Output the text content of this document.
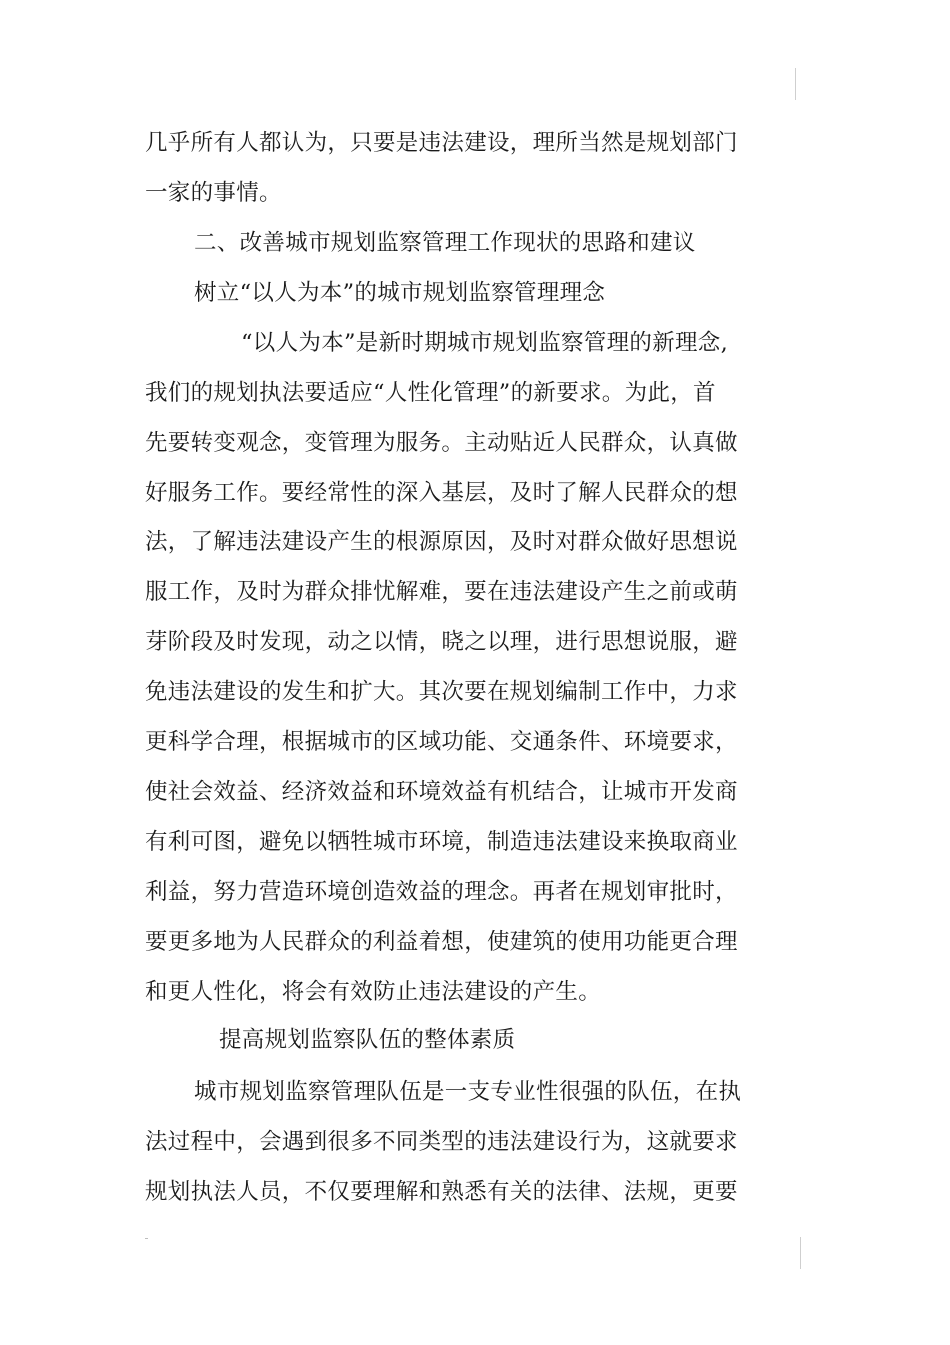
几乎所有人都认为，只要是违法建设，理所当然是规划部门
一家的事情。
二、改善城市规划监察管理工作现状的思路和建议
树立“以人为本”的城市规划监察管理理念
“以人为本”是新时期城市规划监察管理的新理念,
我们的规划执法要适应“人性化管理”的新要求。为此，首
先要转变观念，变管理为服务。主动贴近人民群众，认真做
好服务工作。要经常性的深入基层，及时了解人民群众的想
法，了解违法建设产生的根源原因，及时对群众做好思想说
服工作，及时为群众排忧解难，要在违法建设产生之前或萌
芽阶段及时发现，动之以情，晓之以理，进行思想说服，避
免违法建设的发生和扩大。其次要在规划编制工作中，力求
更科学合理，根据城市的区域功能、交通条件、环境要求，
使社会效益、经济效益和环境效益有机结合，让城市开发商
有利可图，避免以牺牲城市环境，制造违法建设来换取商业
利益，努力营造环境创造效益的理念。再者在规划审批时，
要更多地为人民群众的利益着想，使建筑的使用功能更合理
和更人性化，将会有效防止违法建设的产生。
提高规划监察队伍的整体素质
城市规划监察管理队伍是一支专业性很强的队伍，在执
法过程中，会遇到很多不同类型的违法建设行为，这就要求
规划执法人员，不仅要理解和熟悉有关的法律、法规，更要
